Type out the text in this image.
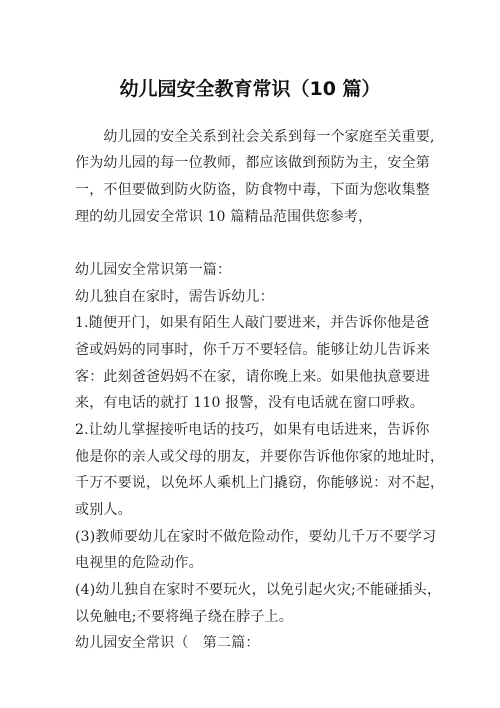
幼儿园安全教育常识（10 篇）
　　幼儿园的安全关系到社会关系到每一个家庭至关重要,
作为幼儿园的每一位教师，都应该做到预防为主，安全第
一，不但要做到防火防盗，防食物中毒，下面为您收集整
理的幼儿园安全常识 10 篇精品范围供您参考，
幼儿园安全常识第一篇：
幼儿独自在家时，需告诉幼儿：
1.随便开门，如果有陌生人敲门要进来，并告诉你他是爸
爸或妈妈的同事时，你千万不要轻信。能够让幼儿告诉来
客：此刻爸爸妈妈不在家，请你晚上来。如果他执意要进
来，有电话的就打 110 报警，没有电话就在窗口呼救。
2.让幼儿掌握接听电话的技巧，如果有电话进来，告诉你
他是你的亲人或父母的朋友，并要你告诉他你家的地址时，
千万不要说，以免坏人乘机上门撬窃，你能够说：对不起，
或别人。
(3)教师要幼儿在家时不做危险动作，要幼儿千万不要学习
电视里的危险动作。
(4)幼儿独自在家时不要玩火，以免引起火灾;不能碰插头，
以免触电;不要将绳子绕在脖子上。
幼儿园安全常识（　第二篇：
